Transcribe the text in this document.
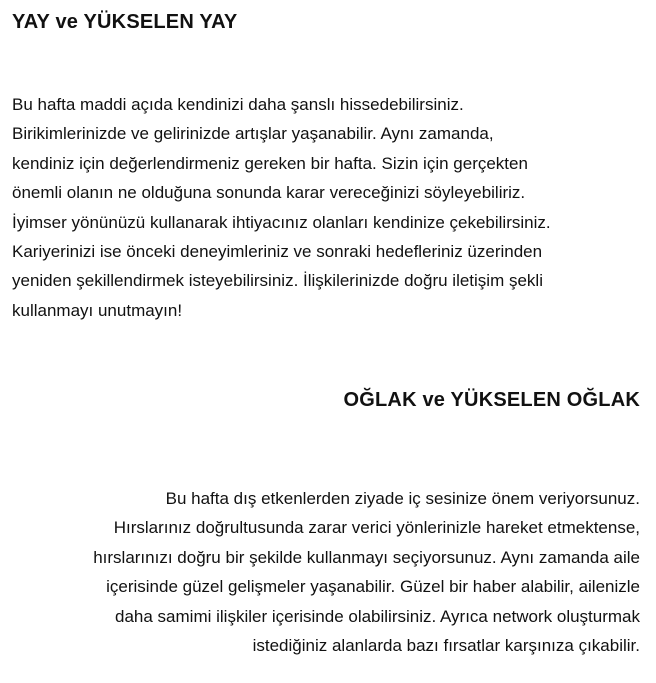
YAY ve YÜKSELEN YAY

Bu hafta maddi açıda kendinizi daha şanslı hissedebilirsiniz.
Birikimlerinizde ve gelirinizde artışlar yaşanabilir. Aynı zamanda,
kendiniz için değerlendirmeniz gereken bir hafta. Sizin için gerçekten
önemli olanın ne olduğuna sonunda karar vereceğinizi söyleyebiliriz.
İyimser yönünüzü kullanarak ihtiyacınız olanları kendinize çekebilirsiniz.
Kariyerinizi ise önceki deneyimleriniz ve sonraki hedefleriniz üzerinden
yeniden şekillendirmek isteyebilirsiniz. İlişkilerinizde doğru iletişim şekli
kullanmayı unutmayın!

OĞLAK ve YÜKSELEN OĞLAK

Bu hafta dış etkenlerden ziyade iç sesinize önem veriyorsunuz.
Hırslarınız doğrultusunda zarar verici yönlerinizle hareket etmektense,
hırslarınızı doğru bir şekilde kullanmayı seçiyorsunuz. Aynı zamanda aile
içerisinde güzel gelişmeler yaşanabilir. Güzel bir haber alabilir, ailenizle
daha samimi ilişkiler içerisinde olabilirsiniz. Ayrıca network oluşturmak
istediğiniz alanlarda bazı fırsatlar karşınıza çıkabilir.
